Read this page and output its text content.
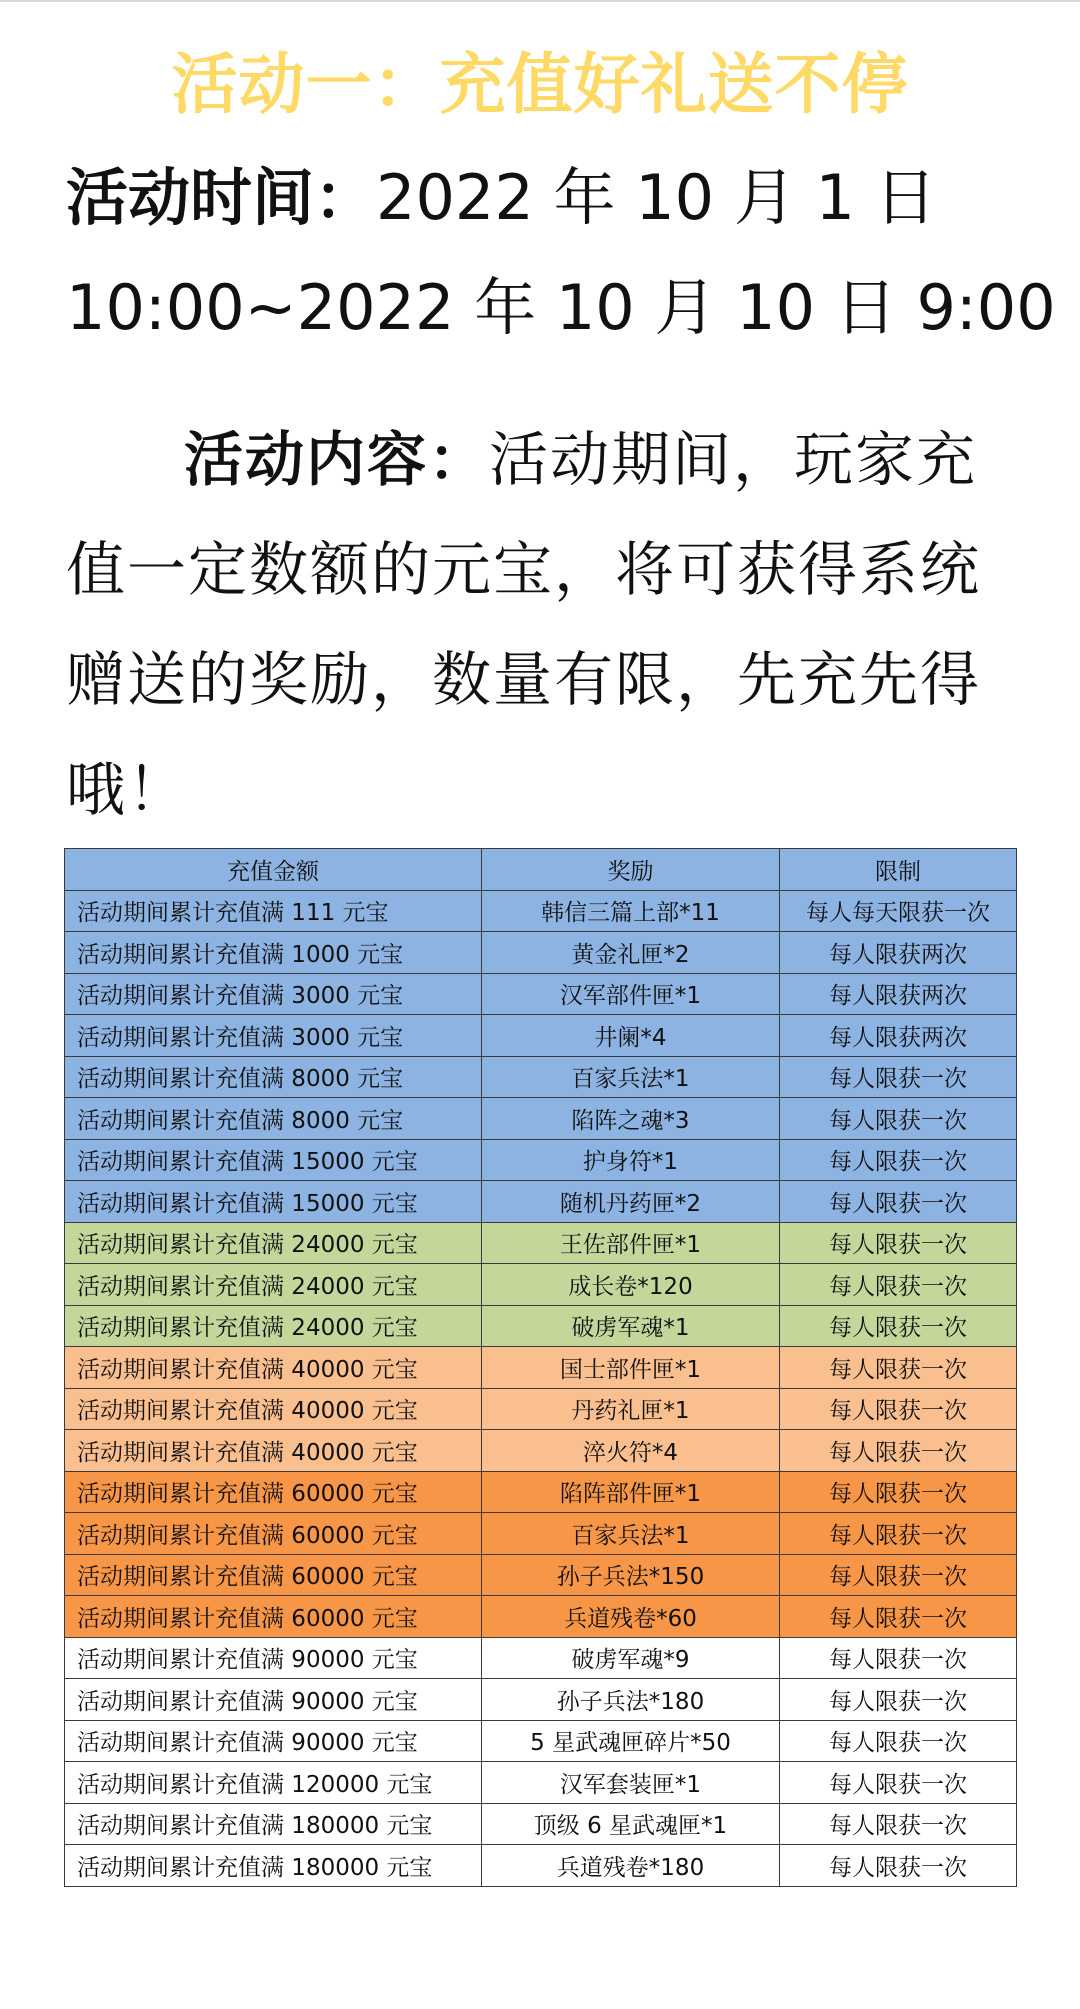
活动一：充值好礼送不停
活动时间：2022 年 10 月 1 日
10:00~2022 年 10 月 10 日 9:00
活动内容：活动期间，玩家充值一定数额的元宝，将可获得系统赠送的奖励，数量有限，先充先得哦！
充值金额	奖励	限制
活动期间累计充值满 111 元宝	韩信三篇上部*11	每人每天限获一次
活动期间累计充值满 1000 元宝	黄金礼匣*2	每人限获两次
活动期间累计充值满 3000 元宝	汉军部件匣*1	每人限获两次
活动期间累计充值满 3000 元宝	井阑*4	每人限获两次
活动期间累计充值满 8000 元宝	百家兵法*1	每人限获一次
活动期间累计充值满 8000 元宝	陷阵之魂*3	每人限获一次
活动期间累计充值满 15000 元宝	护身符*1	每人限获一次
活动期间累计充值满 15000 元宝	随机丹药匣*2	每人限获一次
活动期间累计充值满 24000 元宝	王佐部件匣*1	每人限获一次
活动期间累计充值满 24000 元宝	成长卷*120	每人限获一次
活动期间累计充值满 24000 元宝	破虏军魂*1	每人限获一次
活动期间累计充值满 40000 元宝	国士部件匣*1	每人限获一次
活动期间累计充值满 40000 元宝	丹药礼匣*1	每人限获一次
活动期间累计充值满 40000 元宝	淬火符*4	每人限获一次
活动期间累计充值满 60000 元宝	陷阵部件匣*1	每人限获一次
活动期间累计充值满 60000 元宝	百家兵法*1	每人限获一次
活动期间累计充值满 60000 元宝	孙子兵法*150	每人限获一次
活动期间累计充值满 60000 元宝	兵道残卷*60	每人限获一次
活动期间累计充值满 90000 元宝	破虏军魂*9	每人限获一次
活动期间累计充值满 90000 元宝	孙子兵法*180	每人限获一次
活动期间累计充值满 90000 元宝	5 星武魂匣碎片*50	每人限获一次
活动期间累计充值满 120000 元宝	汉军套装匣*1	每人限获一次
活动期间累计充值满 180000 元宝	顶级 6 星武魂匣*1	每人限获一次
活动期间累计充值满 180000 元宝	兵道残卷*180	每人限获一次
